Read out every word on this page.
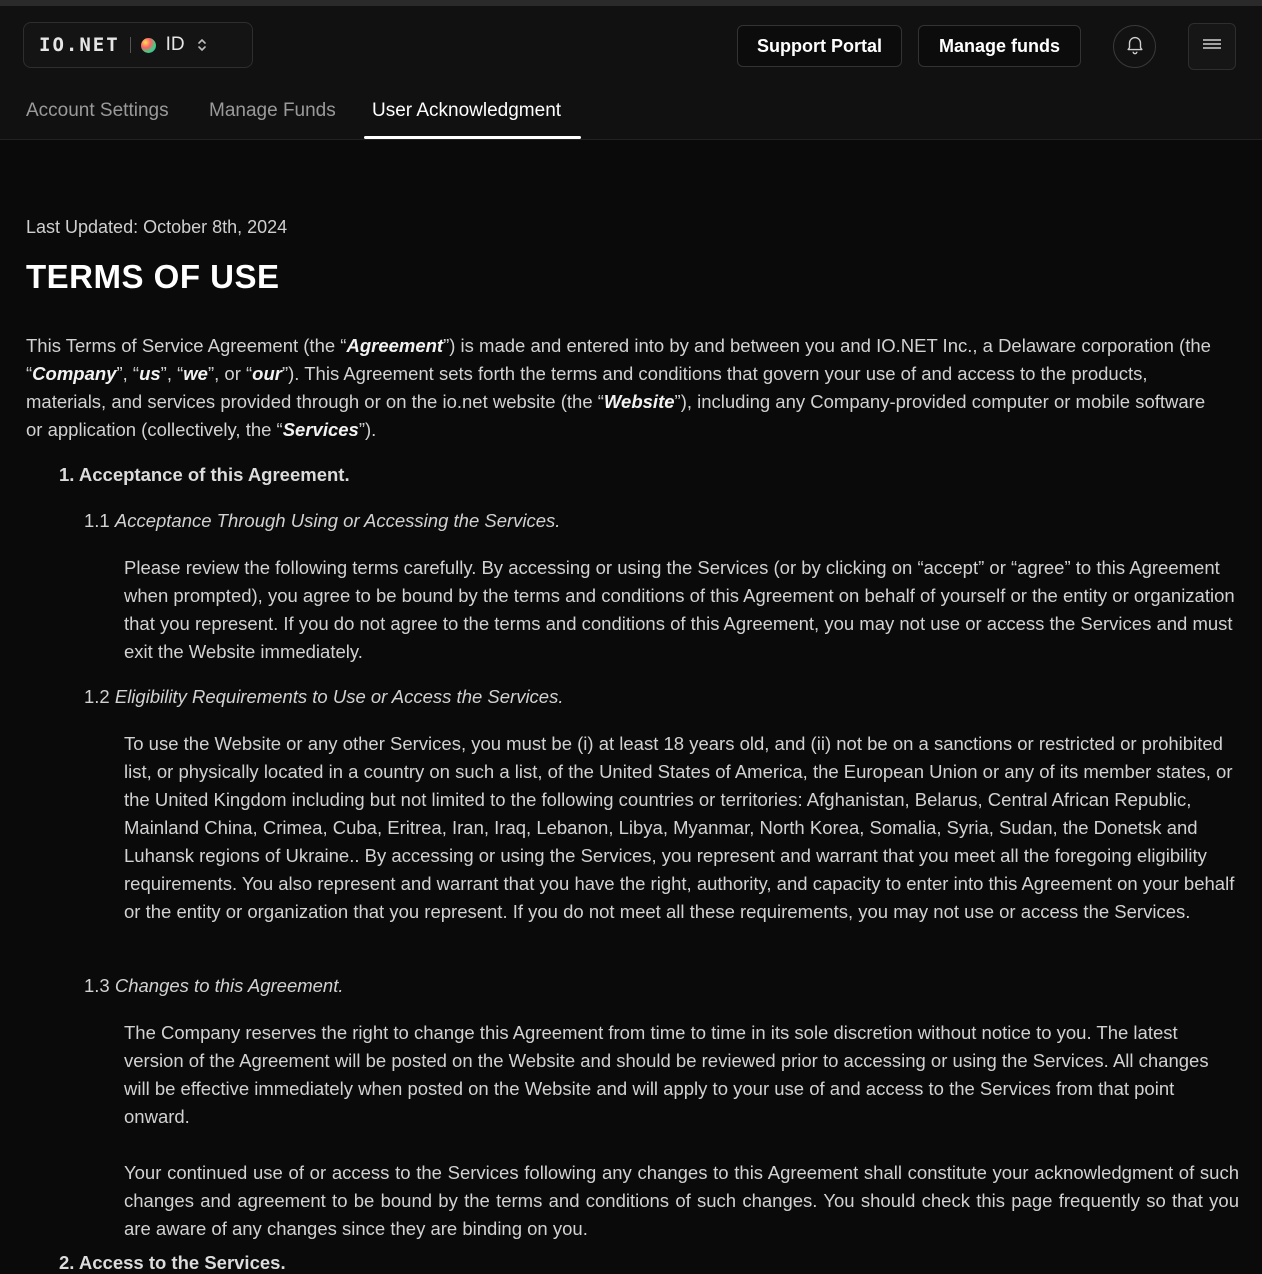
IO.NET ID	Support Portal	Manage funds
Account Settings Manage Funds User Acknowledgment
Last Updated: October 8th, 2024
TERMS OF USE

This Terms of Service Agreement (the “Agreement”) is made and entered into by and between you and IO.NET Inc., a Delaware corporation (the “Company”, “us”, “we”, or “our”). This Agreement sets forth the terms and conditions that govern your use of and access to the products, materials, and services provided through or on the io.net website (the “Website”), including any Company-provided computer or mobile software or application (collectively, the “Services”).

1. Acceptance of this Agreement.
1.1 Acceptance Through Using or Accessing the Services.

Please review the following terms carefully. By accessing or using the Services (or by clicking on “accept” or “agree” to this Agreement when prompted), you agree to be bound by the terms and conditions of this Agreement on behalf of yourself or the entity or organization that you represent. If you do not agree to the terms and conditions of this Agreement, you may not use or access the Services and must exit the Website immediately.

1.2 Eligibility Requirements to Use or Access the Services.

To use the Website or any other Services, you must be (i) at least 18 years old, and (ii) not be on a sanctions or restricted or prohibited list, or physically located in a country on such a list, of the United States of America, the European Union or any of its member states, or the United Kingdom including but not limited to the following countries or territories: Afghanistan, Belarus, Central African Republic, Mainland China, Crimea, Cuba, Eritrea, Iran, Iraq, Lebanon, Libya, Myanmar, North Korea, Somalia, Syria, Sudan, the Donetsk and Luhansk regions of Ukraine.. By accessing or using the Services, you represent and warrant that you meet all the foregoing eligibility requirements. You also represent and warrant that you have the right, authority, and capacity to enter into this Agreement on your behalf or the entity or organization that you represent. If you do not meet all these requirements, you may not use or access the Services.

1.3 Changes to this Agreement.

The Company reserves the right to change this Agreement from time to time in its sole discretion without notice to you. The latest version of the Agreement will be posted on the Website and should be reviewed prior to accessing or using the Services. All changes will be effective immediately when posted on the Website and will apply to your use of and access to the Services from that point onward.

Your continued use of or access to the Services following any changes to this Agreement shall constitute your acknowledgment of such changes and agreement to be bound by the terms and conditions of such changes. You should check this page frequently so that you are aware of any changes since they are binding on you.

2. Access to the Services.
